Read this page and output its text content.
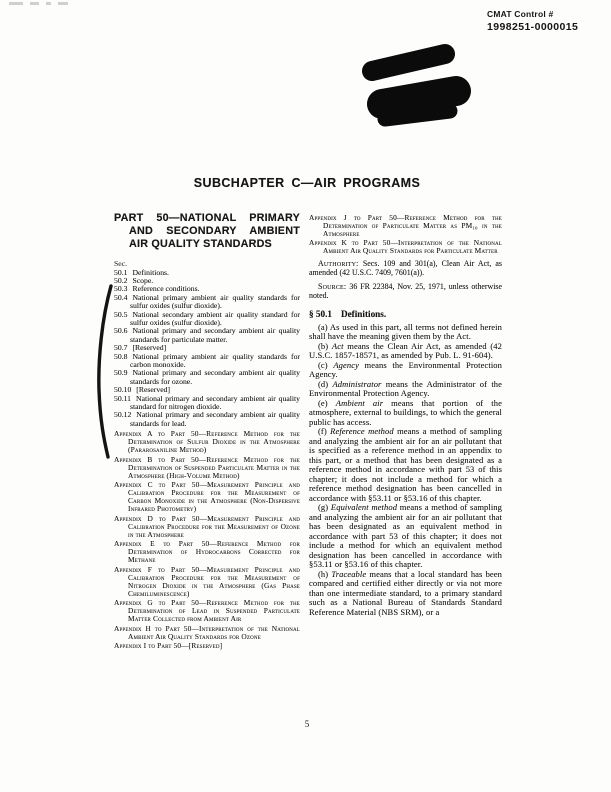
CMAT Control #
1998251-0000015
SUBCHAPTER C—AIR PROGRAMS
PART 50—NATIONAL PRIMARY AND SECONDARY AMBIENT AIR QUALITY STANDARDS
Sec.
50.1 Definitions.
50.2 Scope.
50.3 Reference conditions.
50.4 National primary ambient air quality standards for sulfur oxides (sulfur dioxide).
50.5 National secondary ambient air quality standard for sulfur oxides (sulfur dioxide).
50.6 National primary and secondary ambient air quality standards for particulate matter.
50.7 [Reserved]
50.8 National primary ambient air quality standards for carbon monoxide.
50.9 National primary and secondary ambient air quality standards for ozone.
50.10 [Reserved]
50.11 National primary and secondary ambient air quality standard for nitrogen dioxide.
50.12 National primary and secondary ambient air quality standards for lead.
Appendix A to Part 50—Reference Method for the Determination of Sulfur Dioxide in the Atmosphere (Pararosaniline Method)
Appendix B to Part 50—Reference Method for the Determination of Suspended Particulate Matter in the Atmosphere (High-Volume Method)
Appendix C to Part 50—Measurement Principle and Calibration Procedure for the Measurement of Carbon Monoxide in the Atmosphere (Non-Dispersive Infrared Photometry)
Appendix D to Part 50—Measurement Principle and Calibration Procedure for the Measurement of Ozone in the Atmosphere
Appendix E to Part 50—Reference Method for Determination of Hydrocarbons Corrected for Methane
Appendix F to Part 50—Measurement Principle and Calibration Procedure for the Measurement of Nitrogen Dioxide in the Atmosphere (Gas Phase Chemiluminescence)
Appendix G to Part 50—Reference Method for the Determination of Lead in Suspended Particulate Matter Collected from Ambient Air
Appendix H to Part 50—Interpretation of the National Ambient Air Quality Standards for Ozone
Appendix I to Part 50—[Reserved]
Appendix J to Part 50—Reference Method for the Determination of Particulate Matter as PM₁₀ in the Atmosphere
Appendix K to Part 50—Interpretation of the National Ambient Air Quality Standards for Particulate Matter
Authority: Secs. 109 and 301(a), Clean Air Act, as amended (42 U.S.C. 7409, 7601(a)).
Source: 36 FR 22384, Nov. 25, 1971, unless otherwise noted.
§ 50.1 Definitions.
(a) As used in this part, all terms not defined herein shall have the meaning given them by the Act.
(b) Act means the Clean Air Act, as amended (42 U.S.C. 1857-18571, as amended by Pub. L. 91-604).
(c) Agency means the Environmental Protection Agency.
(d) Administrator means the Administrator of the Environmental Protection Agency.
(e) Ambient air means that portion of the atmosphere, external to buildings, to which the general public has access.
(f) Reference method means a method of sampling and analyzing the ambient air for an air pollutant that is specified as a reference method in an appendix to this part, or a method that has been designated as a reference method in accordance with part 53 of this chapter; it does not include a method for which a reference method designation has been cancelled in accordance with §53.11 or §53.16 of this chapter.
(g) Equivalent method means a method of sampling and analyzing the ambient air for an air pollutant that has been designated as an equivalent method in accordance with part 53 of this chapter; it does not include a method for which an equivalent method designation has been cancelled in accordance with §53.11 or §53.16 of this chapter.
(h) Traceable means that a local standard has been compared and certified either directly or via not more than one intermediate standard, to a primary standard such as a National Bureau of Standards Standard Reference Material (NBS SRM), or a
5
